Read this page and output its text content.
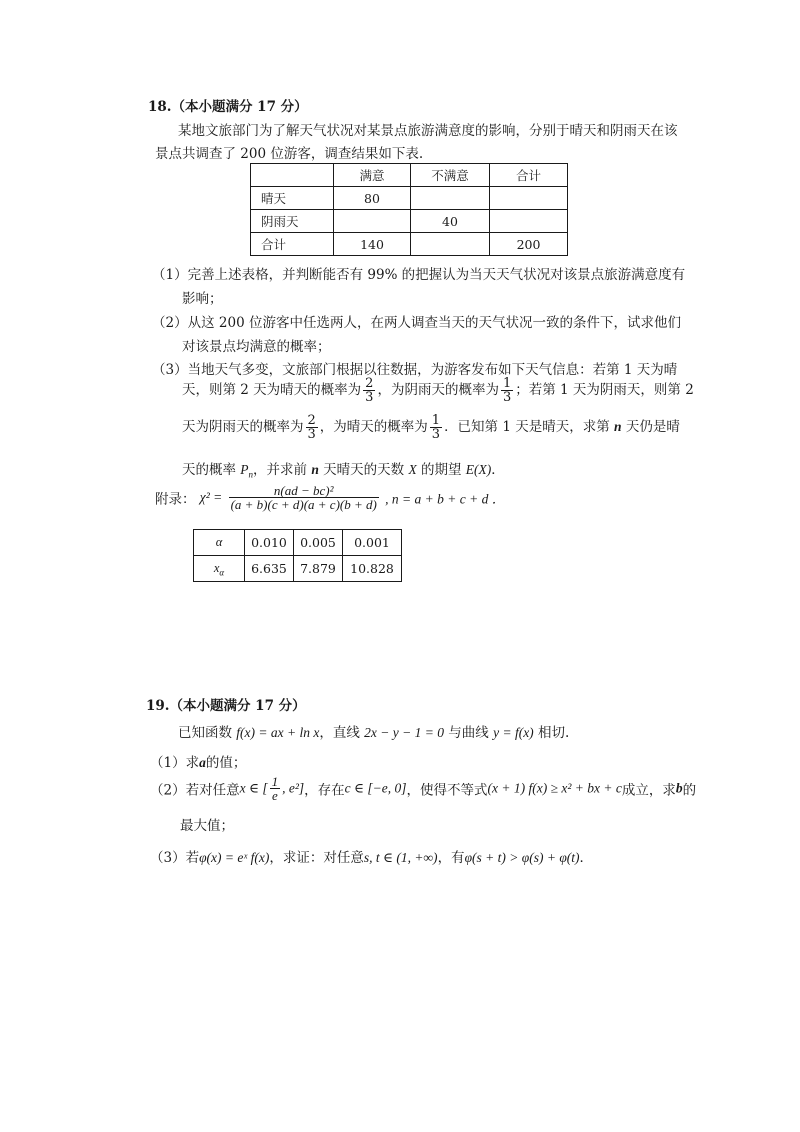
18.（本小题满分 17 分）
某地文旅部门为了解天气状况对某景点旅游满意度的影响，分别于晴天和阴雨天在该
景点共调查了 200 位游客，调查结果如下表.
	满意	不满意	合计
晴天	80		
阴雨天		40	
合计	140		200
（1）完善上述表格，并判断能否有 99% 的把握认为当天天气状况对该景点旅游满意度有
影响；
（2）从这 200 位游客中任选两人，在两人调查当天的天气状况一致的条件下，试求他们
对该景点均满意的概率；
（3）当地天气多变，文旅部门根据以往数据，为游客发布如下天气信息：若第 1 天为晴
天，则第 2 天为晴天的概率为 $\frac{2}{3}$ ，为阴雨天的概率为 $\frac{1}{3}$ ；若第 1 天为阴雨天，则第 2
天为阴雨天的概率为 $\frac{2}{3}$ ，为晴天的概率为 $\frac{1}{3}$ ．已知第 1 天是晴天，求第 n 天仍是晴
天的概率 $P_n$，并求前 n 天晴天的天数 X 的期望 E(X)．
附录： $\chi^2 = \frac{\text{n(ad − bc)²}}{(a + b)(c + d)(a + c)(b + d)}$ , n = a + b + c + d ．
α	0.010	0.005	0.001
$x_\alpha$	6.635	7.879	10.828
19.（本小题满分 17 分）
已知函数 f(x) = ax + ln x，直线 2x − y − 1 = 0 与曲线 y = f(x) 相切.
（1）求a的值；
（2）若对任意x ∈ [ $\frac{1}{e}$ , e²]，存在c ∈ [−e, 0]，使得不等式(x + 1) f(x) ≥ x² + bx + c成立，求b的
最大值；
（3）若φ(x) = eˣ f(x)，求证：对任意s, t ∈ (1, +∞)，有φ(s + t) > φ(s) + φ(t)．
